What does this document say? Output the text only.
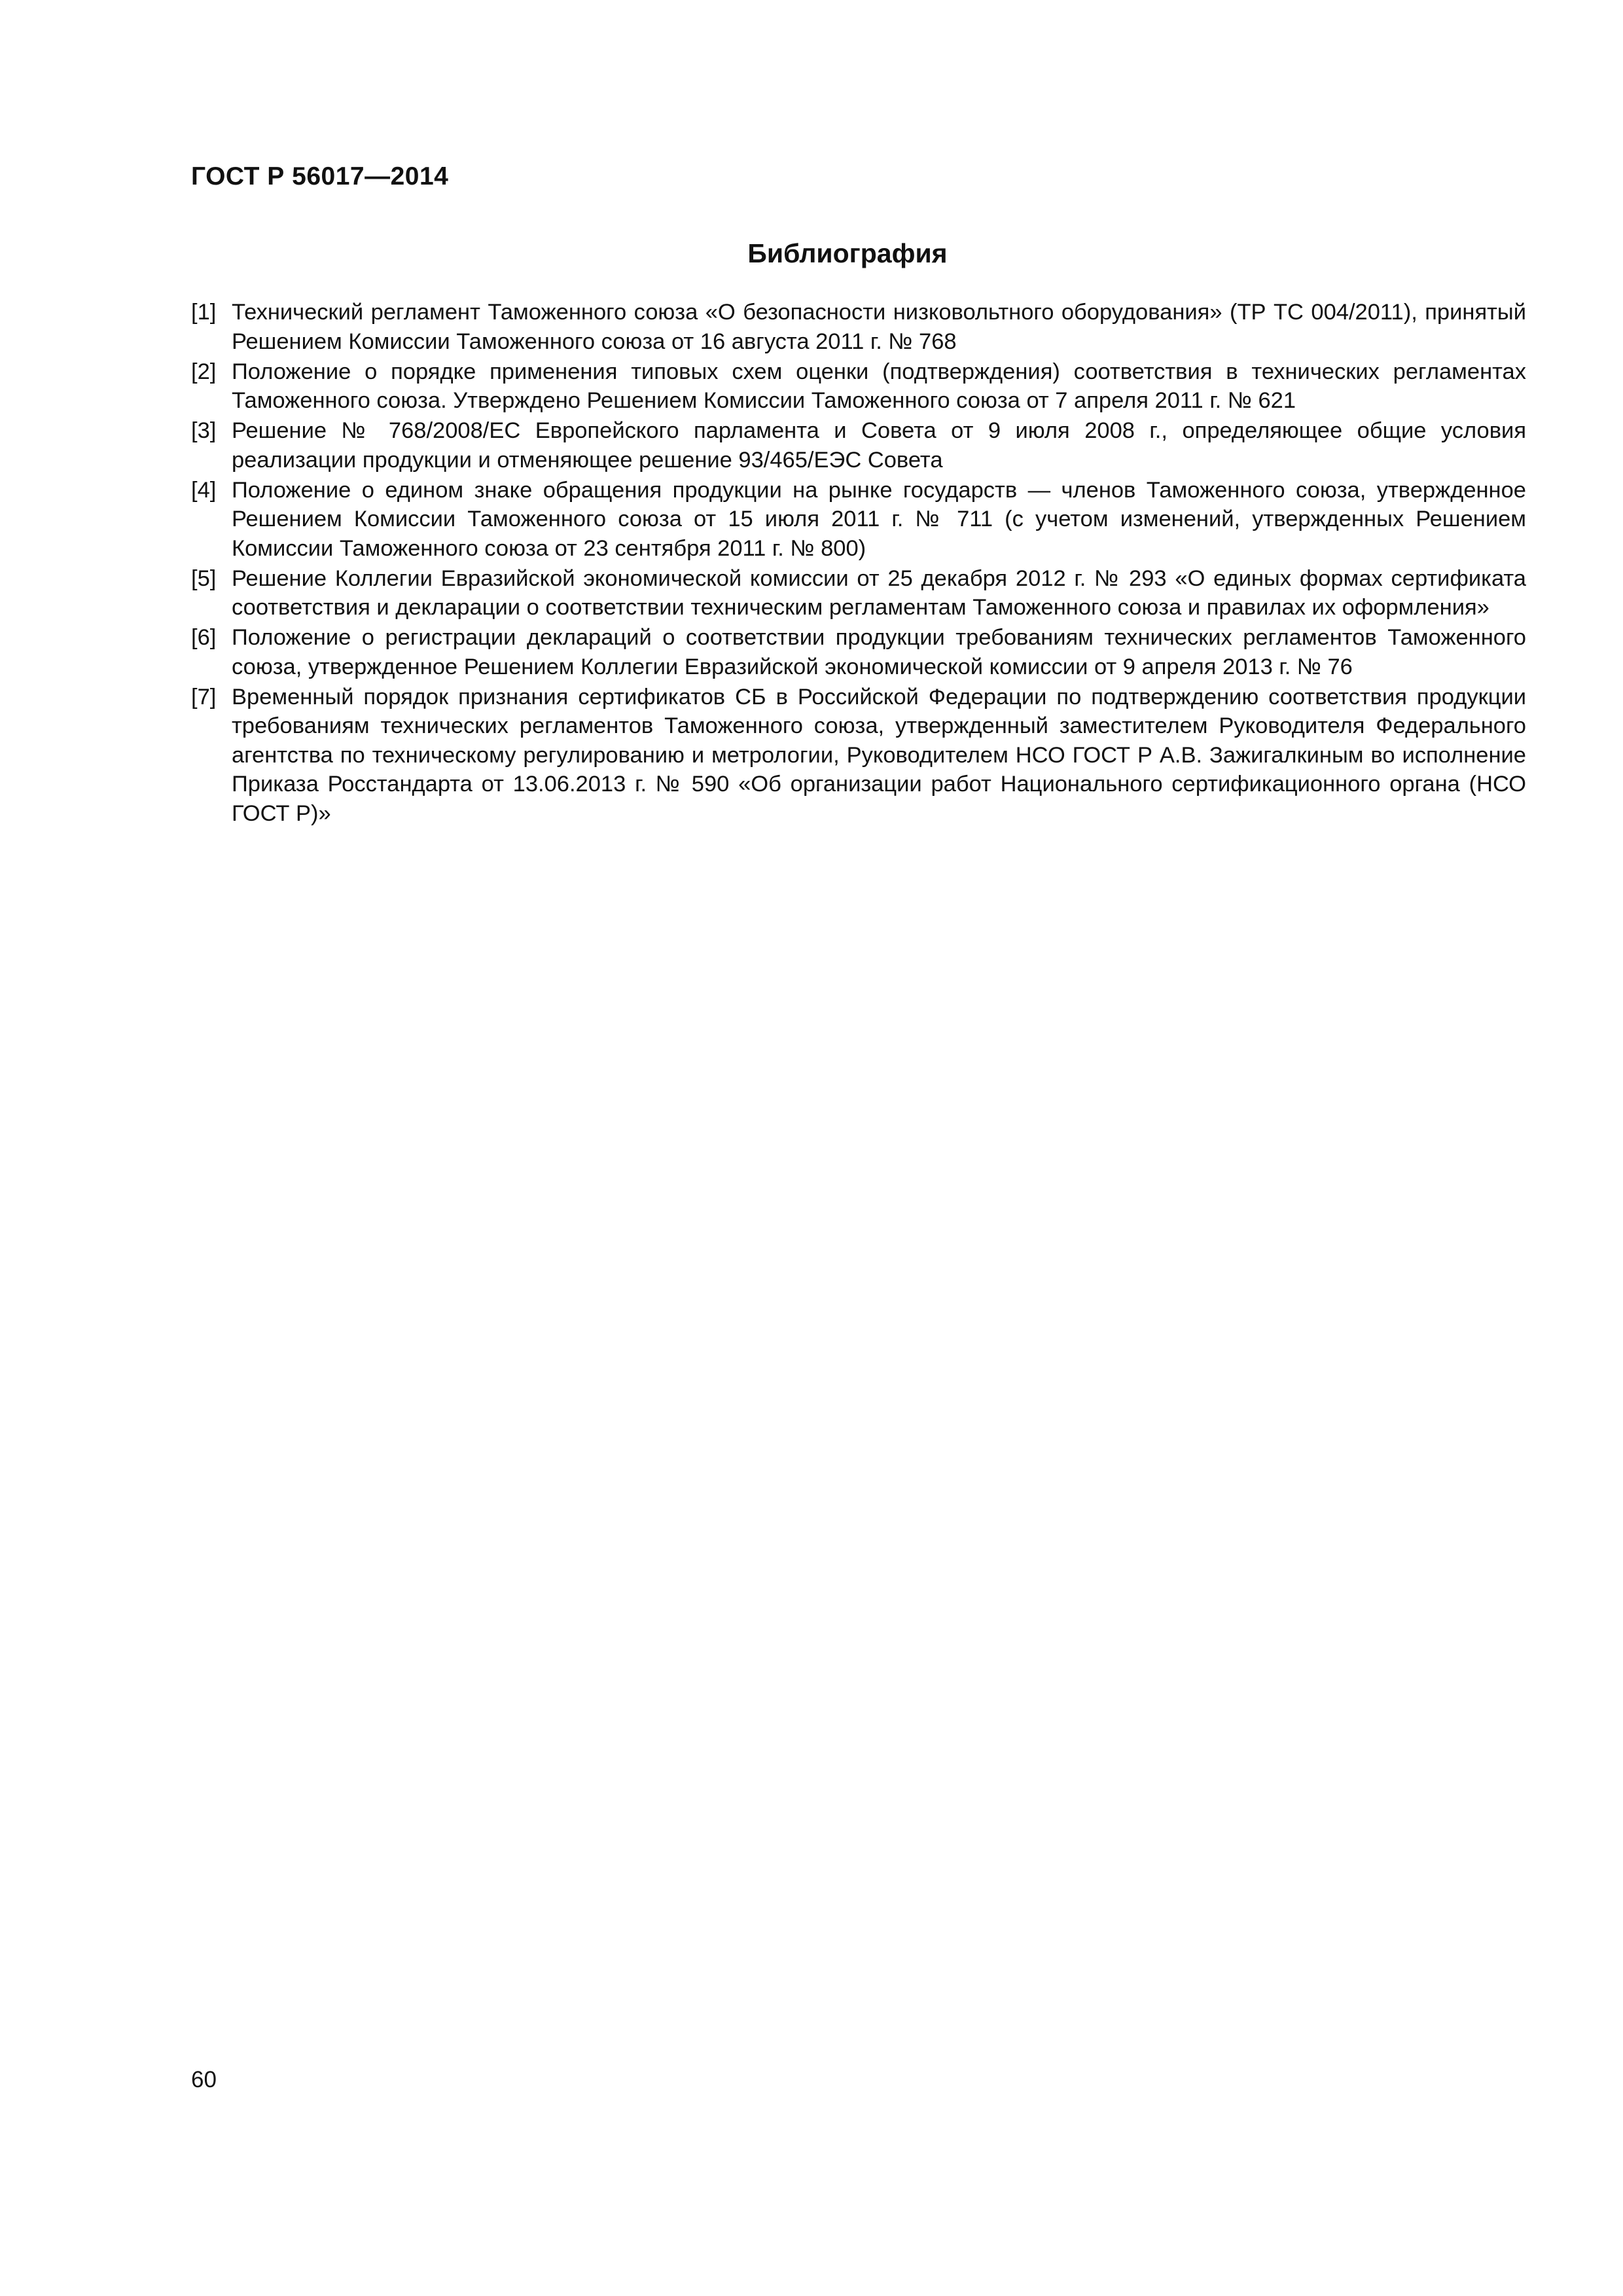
ГОСТ Р 56017—2014
Библиография
[1] Технический регламент Таможенного союза «О безопасности низковольтного оборудования» (ТР ТС 004/2011), принятый Решением Комиссии Таможенного союза от 16 августа 2011 г. № 768
[2] Положение о порядке применения типовых схем оценки (подтверждения) соответствия в технических регламентах Таможенного союза. Утверждено Решением Комиссии Таможенного союза от 7 апреля 2011 г. № 621
[3] Решение № 768/2008/ЕС Европейского парламента и Совета от 9 июля 2008 г., определяющее общие условия реализации продукции и отменяющее решение 93/465/ЕЭС Совета
[4] Положение о едином знаке обращения продукции на рынке государств — членов Таможенного союза, утвержденное Решением Комиссии Таможенного союза от 15 июля 2011 г. № 711 (с учетом изменений, утвержденных Решением Комиссии Таможенного союза от 23 сентября 2011 г. № 800)
[5] Решение Коллегии Евразийской экономической комиссии от 25 декабря 2012 г. № 293 «О единых формах сертификата соответствия и декларации о соответствии техническим регламентам Таможенного союза и правилах их оформления»
[6] Положение о регистрации деклараций о соответствии продукции требованиям технических регламентов Таможенного союза, утвержденное Решением Коллегии Евразийской экономической комиссии от 9 апреля 2013 г. № 76
[7] Временный порядок признания сертификатов СБ в Российской Федерации по подтверждению соответствия продукции требованиям технических регламентов Таможенного союза, утвержденный заместителем Руководителя Федерального агентства по техническому регулированию и метрологии, Руководителем НСО ГОСТ Р А.В. Зажигалкиным во исполнение Приказа Росстандарта от 13.06.2013 г. № 590 «Об организации работ Национального сертификационного органа (НСО ГОСТ Р)»
60
